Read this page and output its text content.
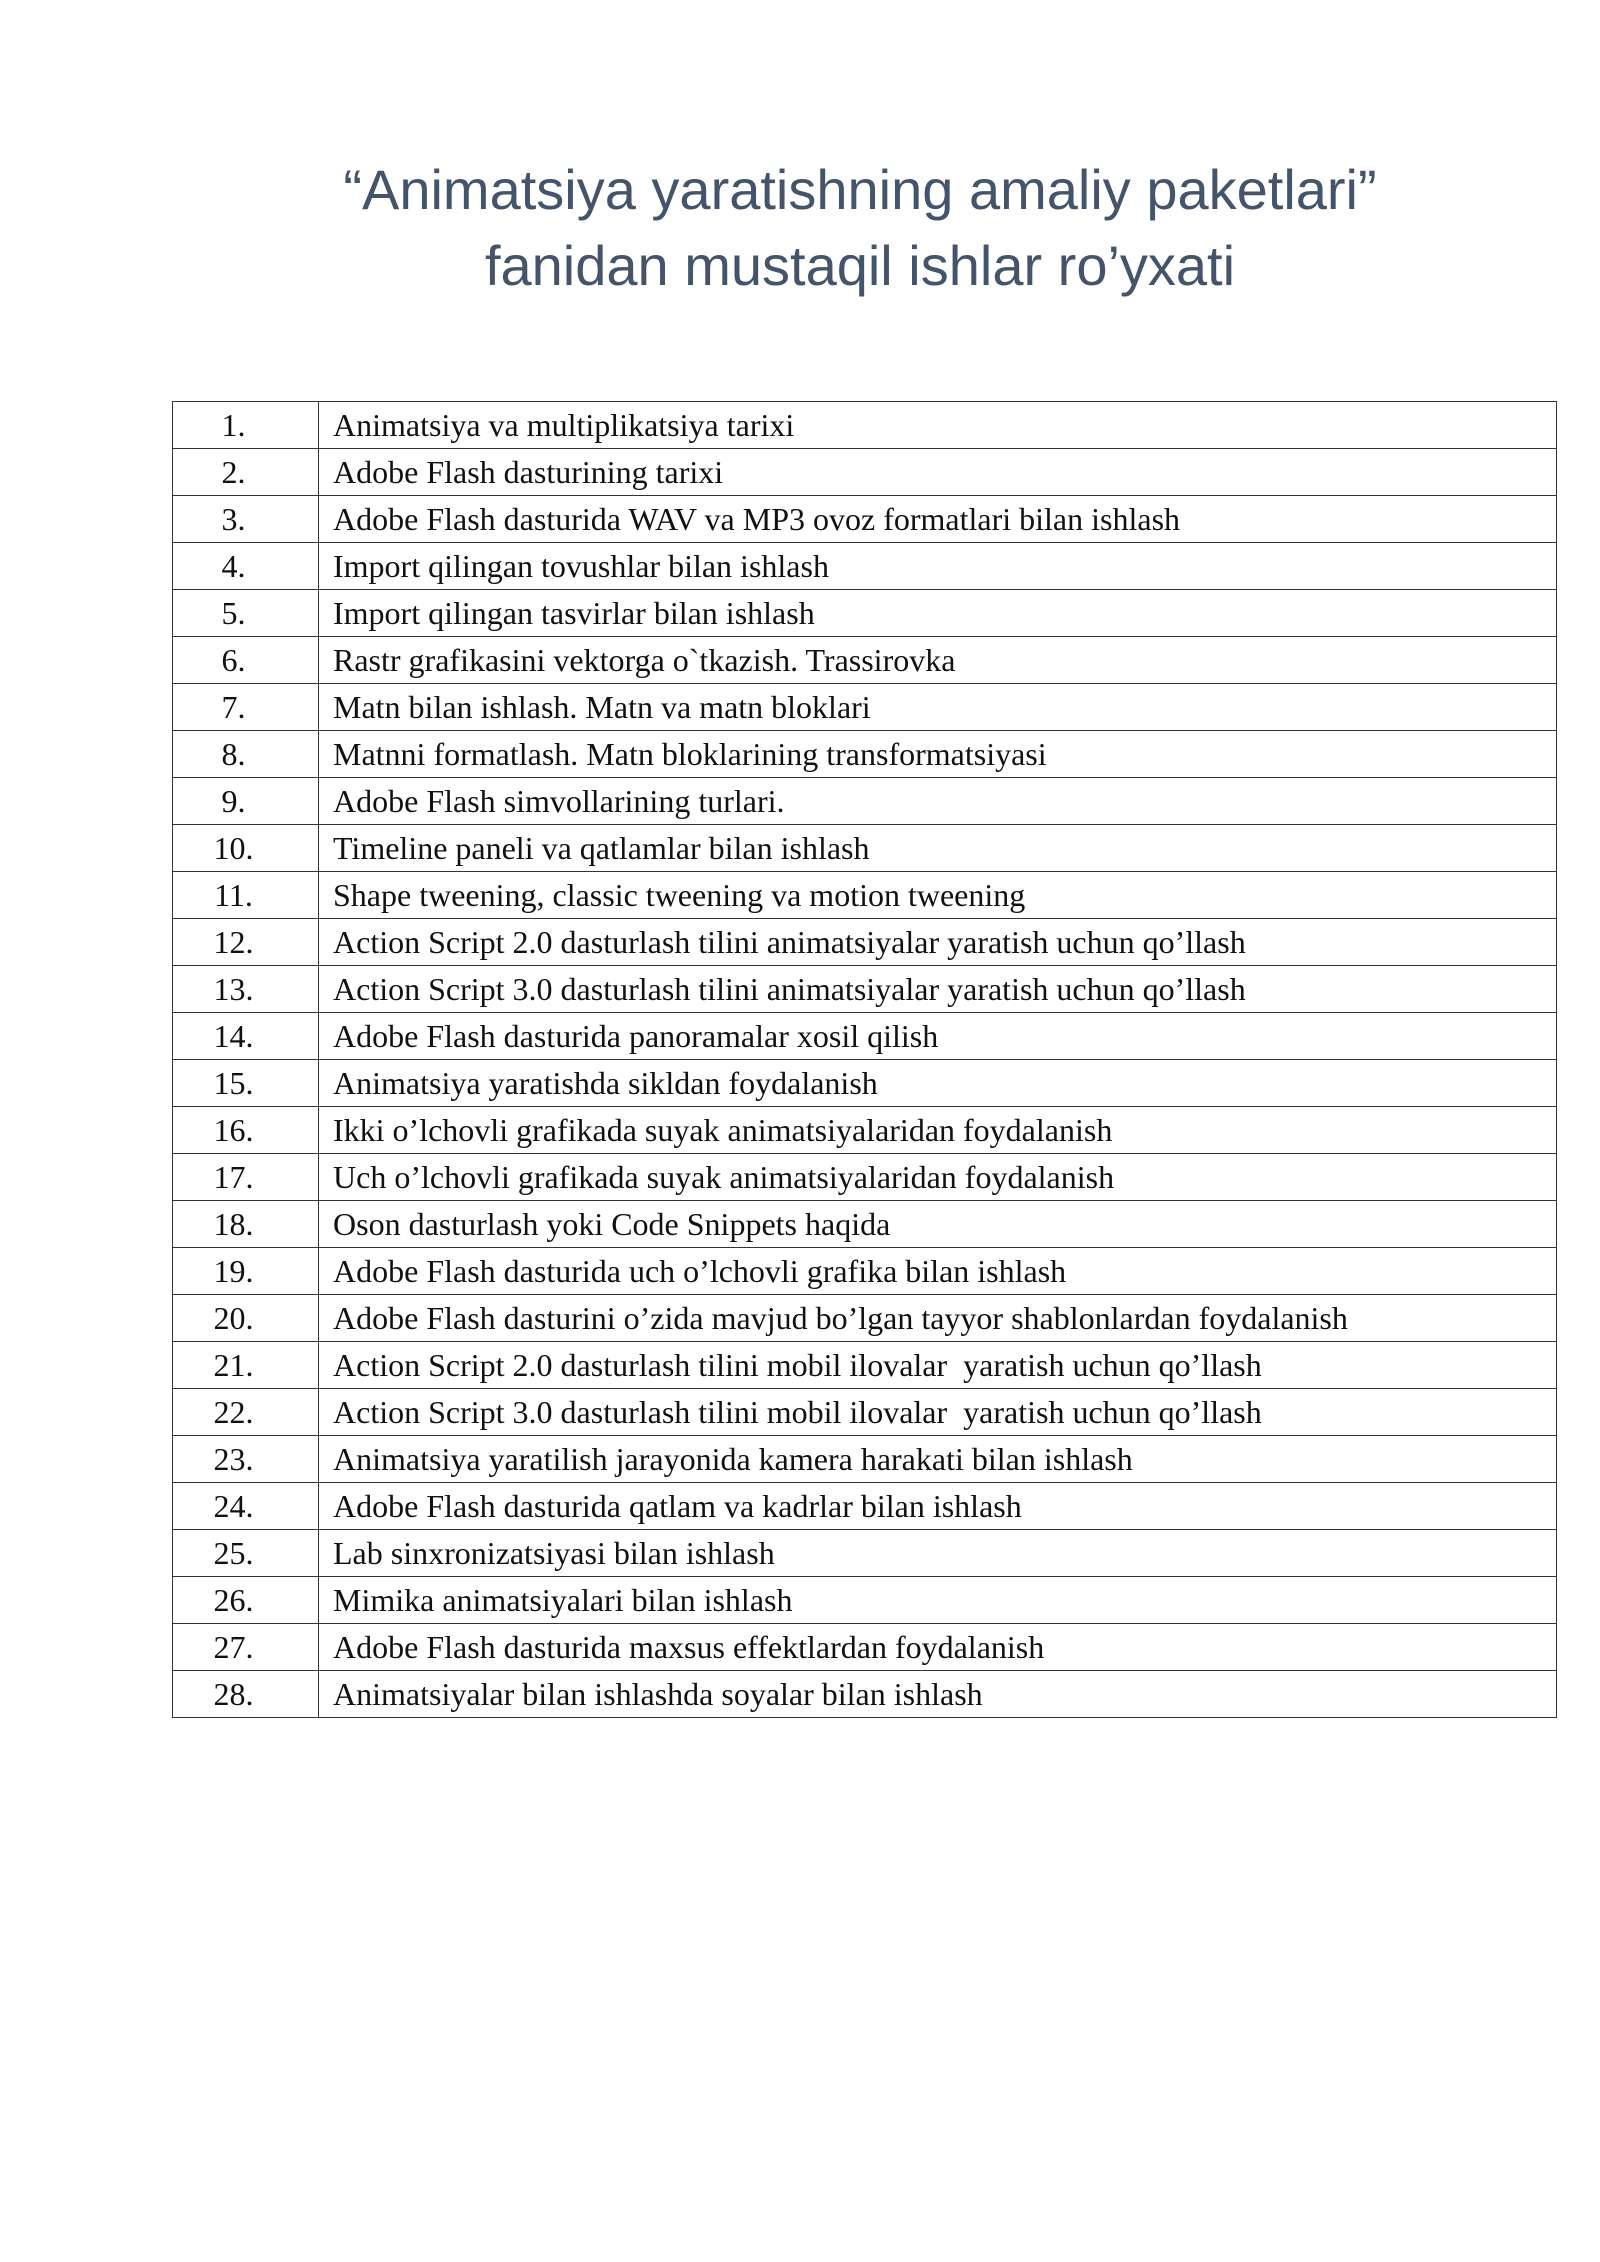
“Animatsiya yaratishning amaliy paketlari”
fanidan mustaqil ishlar ro’yxati
1.	Animatsiya va multiplikatsiya tarixi
2.	Adobe Flash dasturining tarixi
3.	Adobe Flash dasturida WAV va MP3 ovoz formatlari bilan ishlash
4.	Import qilingan tovushlar bilan ishlash
5.	Import qilingan tasvirlar bilan ishlash
6.	Rastr grafikasini vektorga o`tkazish. Trassirovka
7.	Matn bilan ishlash. Matn va matn bloklari
8.	Matnni formatlash. Matn bloklarining transformatsiyasi
9.	Adobe Flash simvollarining turlari.
10.	Timeline paneli va qatlamlar bilan ishlash
11.	Shape tweening, classic tweening va motion tweening
12.	Action Script 2.0 dasturlash tilini animatsiyalar yaratish uchun qo’llash
13.	Action Script 3.0 dasturlash tilini animatsiyalar yaratish uchun qo’llash
14.	Adobe Flash dasturida panoramalar xosil qilish
15.	Animatsiya yaratishda sikldan foydalanish
16.	Ikki o’lchovli grafikada suyak animatsiyalaridan foydalanish
17.	Uch o’lchovli grafikada suyak animatsiyalaridan foydalanish
18.	Oson dasturlash yoki Code Snippets haqida
19.	Adobe Flash dasturida uch o’lchovli grafika bilan ishlash
20.	Adobe Flash dasturini o’zida mavjud bo’lgan tayyor shablonlardan foydalanish
21.	Action Script 2.0 dasturlash tilini mobil ilovalar  yaratish uchun qo’llash
22.	Action Script 3.0 dasturlash tilini mobil ilovalar  yaratish uchun qo’llash
23.	Animatsiya yaratilish jarayonida kamera harakati bilan ishlash
24.	Adobe Flash dasturida qatlam va kadrlar bilan ishlash
25.	Lab sinxronizatsiyasi bilan ishlash
26.	Mimika animatsiyalari bilan ishlash
27.	Adobe Flash dasturida maxsus effektlardan foydalanish
28.	Animatsiyalar bilan ishlashda soyalar bilan ishlash
